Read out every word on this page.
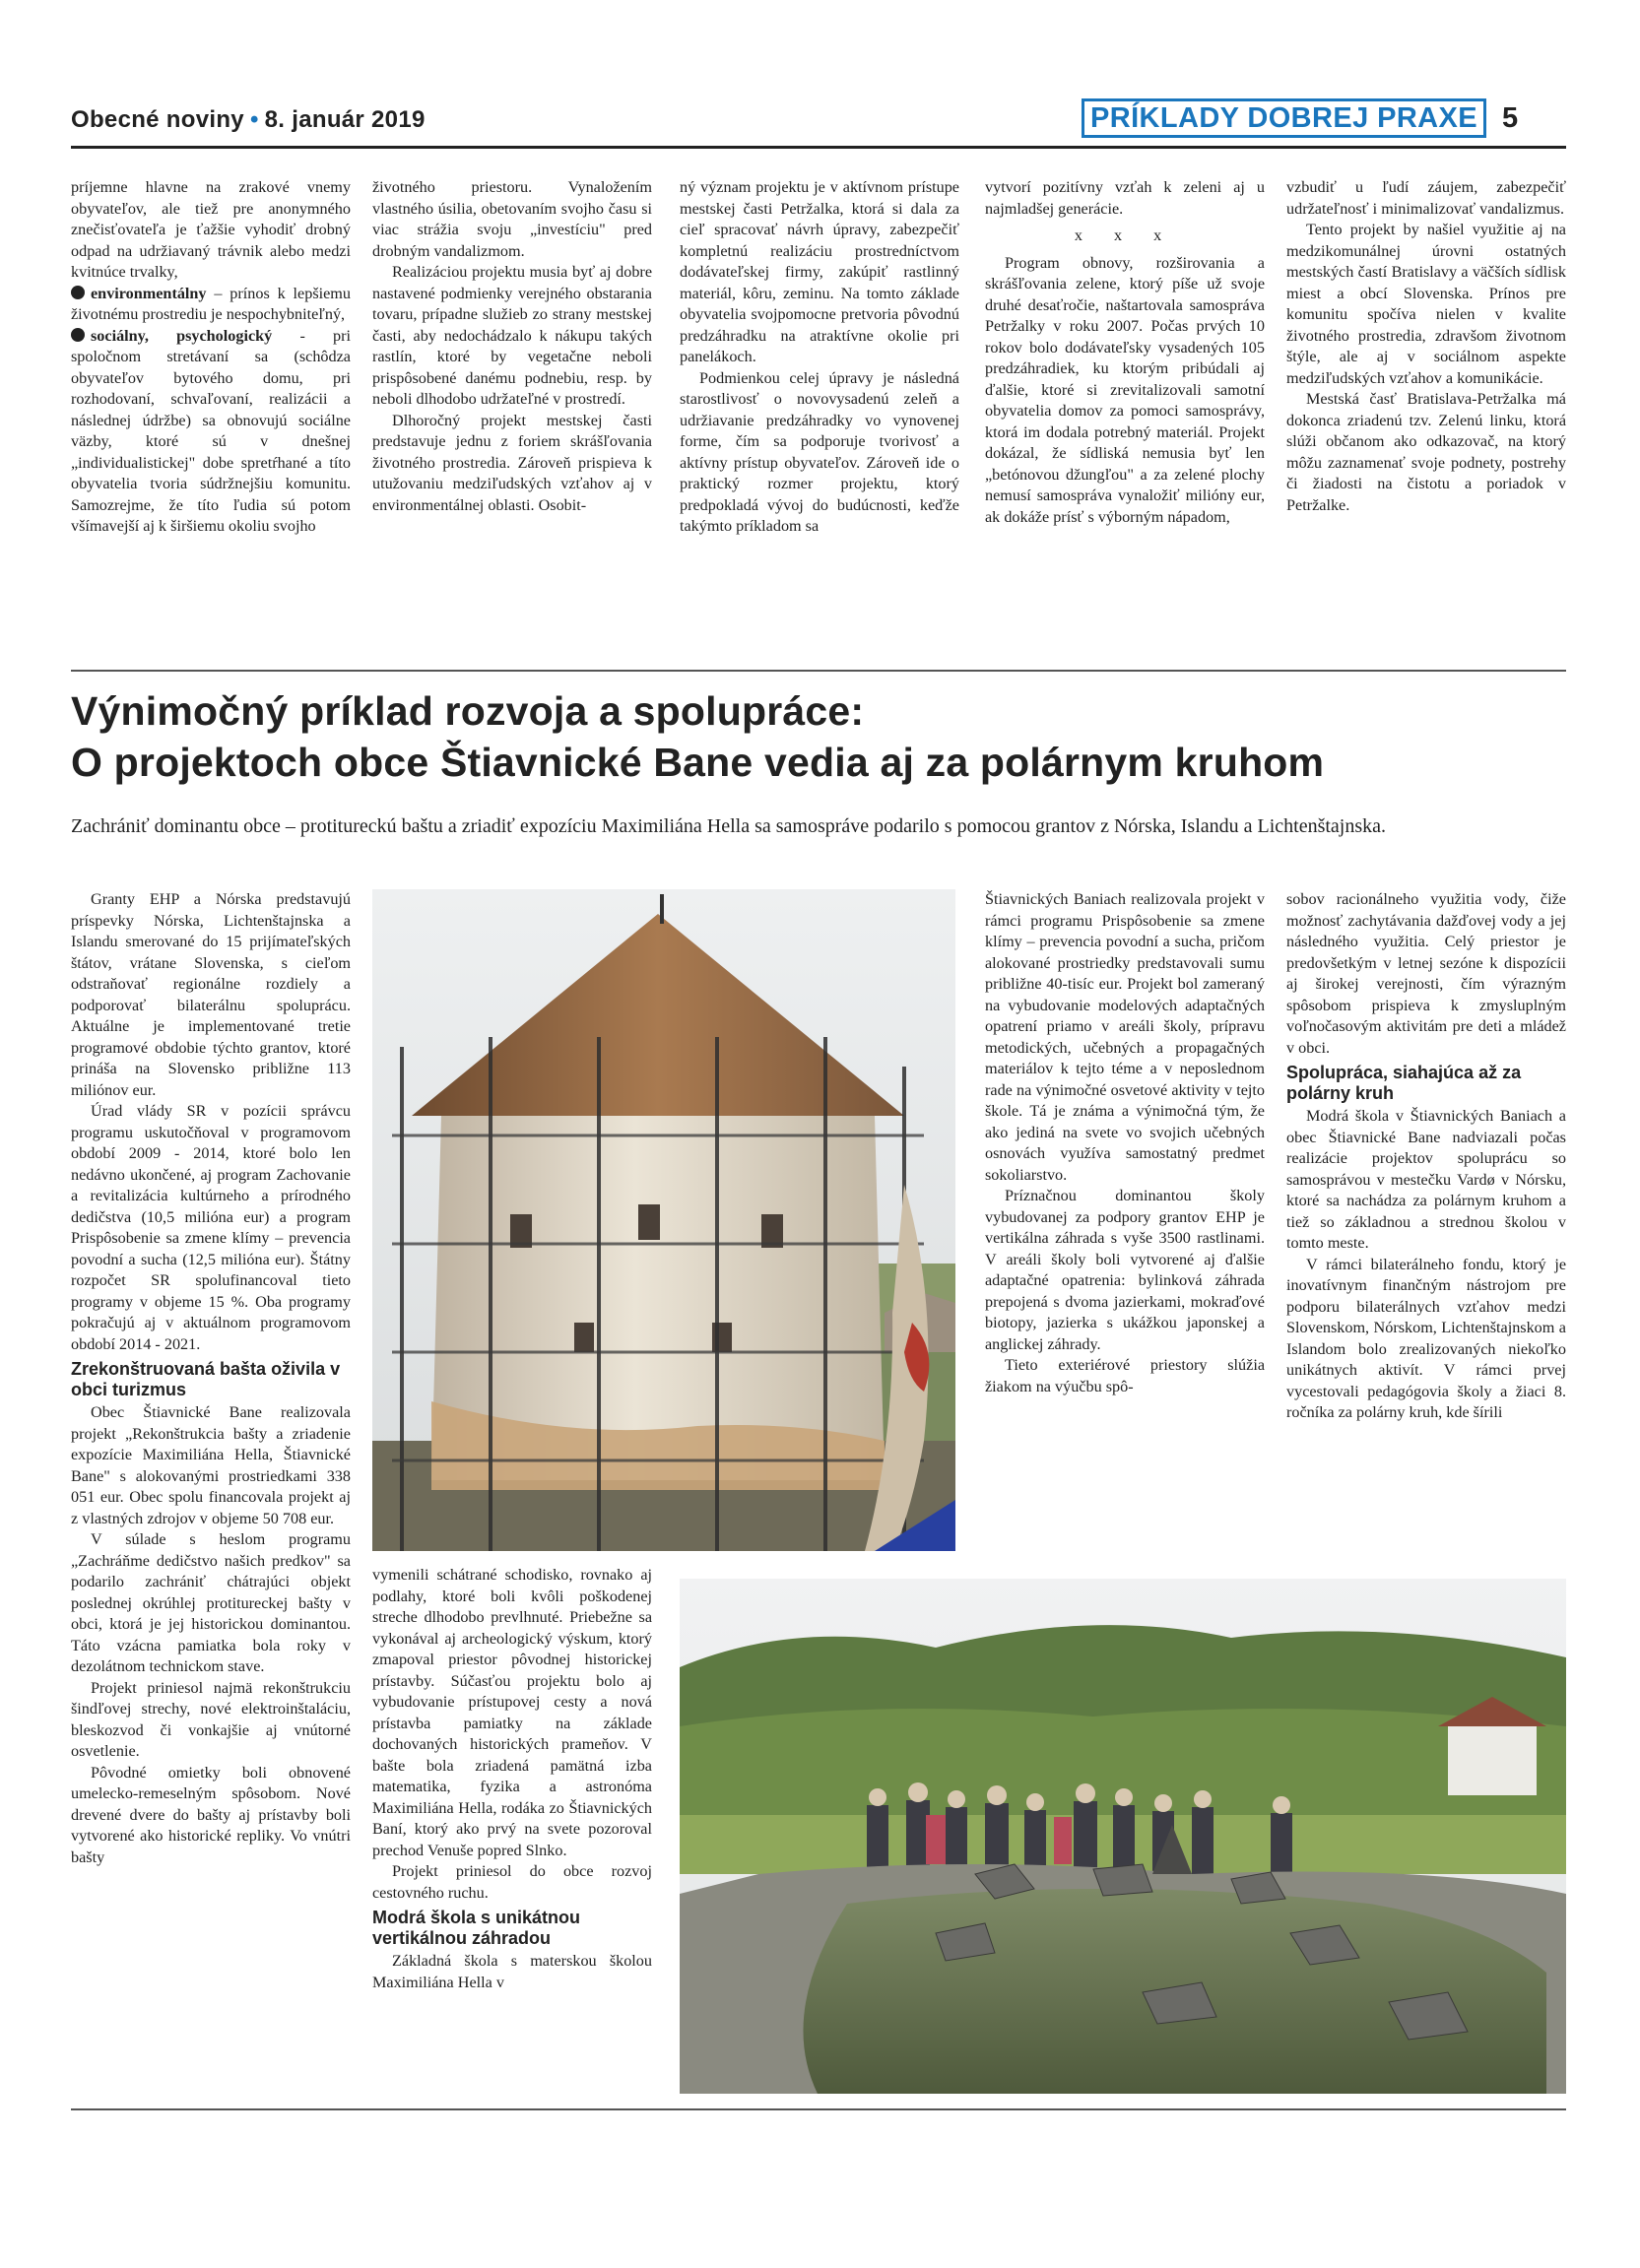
Obecné noviny • 8. január 2019	PRÍKLADY DOBREJ PRAXE 5

príjemne hlavne na zrakové vnemy obyvateľov, ale tiež pre anonymného znečisťovateľa je ťažšie vyhodiť drobný odpad na udržiavaný trávnik alebo medzi kvitnúce trvalky,

environmentálny – prínos k lepšiemu životnému prostrediu je nespochybniteľný,

sociálny, psychologický - pri spoločnom stretávaní sa (schôdza obyvateľov bytového domu, pri rozhodovaní, schvaľovaní, realizácii a následnej údržbe) sa obnovujú sociálne väzby, ktoré sú v dnešnej „individualistickej" dobe spretŕhané a títo obyvatelia tvoria súdržnejšiu komunitu. Samozrejme, že títo ľudia sú potom všímavejší aj k širšiemu okoliu svojho

životného priestoru. Vynaložením vlastného úsilia, obetovaním svojho času si viac strážia svoju „investíciu" pred drobným vandalizmom.

Realizáciou projektu musia byť aj dobre nastavené podmienky verejného obstarania tovaru, prípadne služieb zo strany mestskej časti, aby nedochádzalo k nákupu takých rastlín, ktoré by vegetačne neboli prispôsobené danému podnebiu, resp. by neboli dlhodobo udržateľné v prostredí.

Dlhoročný projekt mestskej časti predstavuje jednu z foriem skrášľovania životného prostredia. Zároveň prispieva k utužovaniu medziľudských vzťahov aj v environmentálnej oblasti. Osobit-

ný význam projektu je v aktívnom prístupe mestskej časti Petržalka, ktorá si dala za cieľ spracovať návrh úpravy, zabezpečiť kompletnú realizáciu prostredníctvom dodávateľskej firmy, zakúpiť rastlinný materiál, kôru, zeminu. Na tomto základe obyvatelia svojpomocne pretvoria pôvodnú predzáhradku na atraktívne okolie pri panelákoch.

Podmienkou celej úpravy je následná starostlivosť o novovysadenú zeleň a udržiavanie predzáhradky vo vynovenej forme, čím sa podporuje tvorivosť a aktívny prístup obyvateľov. Zároveň ide o praktický rozmer projektu, ktorý predpokladá vývoj do budúcnosti, keďže takýmto príkladom sa

vytvorí pozitívny vzťah k zeleni aj u najmladšej generácie.

x x x

Program obnovy, rozširovania a skrášľovania zelene, ktorý píše už svoje druhé desaťročie, naštartovala samospráva Petržalky v roku 2007. Počas prvých 10 rokov bolo dodávateľsky vysadených 105 predzáhradiek, ku ktorým pribúdali aj ďalšie, ktoré si zrevitalizovali samotní obyvatelia domov za pomoci samosprávy, ktorá im dodala potrebný materiál. Projekt dokázal, že sídliská nemusia byť len „betónovou džungľou" a za zelené plochy nemusí samospráva vynaložiť milióny eur, ak dokáže prísť s výborným nápadom,

vzbudiť u ľudí záujem, zabezpečiť udržateľnosť i minimalizovať vandalizmus.

Tento projekt by našiel využitie aj na medzikomunálnej úrovni ostatných mestských častí Bratislavy a väčších sídlisk miest a obcí Slovenska. Prínos pre komunitu spočíva nielen v kvalite životného prostredia, zdravšom životnom štýle, ale aj v sociálnom aspekte medziľudských vzťahov a komunikácie.

Mestská časť Bratislava-Petržalka má dokonca zriadenú tzv. Zelenú linku, ktorá slúži občanom ako odkazovač, na ktorý môžu zaznamenať svoje podnety, postrehy či žiadosti na čistotu a poriadok v Petržalke.

Výnimočný príklad rozvoja a spolupráce:
O projektoch obce Štiavnické Bane vedia aj za polárnym kruhom
Zachrániť dominantu obce – protitureckú baštu a zriadiť expozíciu Maximiliána Hella sa samospráve podarilo s pomocou grantov z Nórska, Islandu a Lichtenštajnska.

Granty EHP a Nórska predstavujú príspevky Nórska, Lichtenštajnska a Islandu smerované do 15 prijímateľských štátov, vrátane Slovenska, s cieľom odstraňovať regionálne rozdiely a podporovať bilaterálnu spoluprácu. Aktuálne je implementované tretie programové obdobie týchto grantov, ktoré prináša na Slovensko približne 113 miliónov eur.

Úrad vlády SR v pozícii správcu programu uskutočňoval v programovom období 2009 - 2014, ktoré bolo len nedávno ukončené, aj program Zachovanie a revitalizácia kultúrneho a prírodného dedičstva (10,5 milióna eur) a program Prispôsobenie sa zmene klímy – prevencia povodní a sucha (12,5 milióna eur). Štátny rozpočet SR spolufinancoval tieto programy v objeme 15 %. Oba programy pokračujú aj v aktuálnom programovom období 2014 - 2021.

Zrekonštruovaná bašta oživila v obci turizmus

Obec Štiavnické Bane realizovala projekt „Rekonštrukcia bašty a zriadenie expozície Maximiliána Hella, Štiavnické Bane" s alokovanými prostriedkami 338 051 eur. Obec spolu financovala projekt aj z vlastných zdrojov v objeme 50 708 eur.

V súlade s heslom programu „Zachráňme dedičstvo našich predkov" sa podarilo zachrániť chátrajúci objekt poslednej okrúhlej protitureckej bašty v obci, ktorá je jej historickou dominantou. Táto vzácna pamiatka bola roky v dezolátnom technickom stave.

Projekt priniesol najmä rekonštrukciu šindľovej strechy, nové elektroinštaláciu, bleskozvod či vonkajšie aj vnútorné osvetlenie.

Pôvodné omietky boli obnovené umelecko-remeselným spôsobom. Nové drevené dvere do bašty aj prístavby boli vytvorené ako historické repliky. Vo vnútri bašty

vymenili schátrané schodisko, rovnako aj podlahy, ktoré boli kvôli poškodenej streche dlhodobo prevlhnuté. Priebežne sa vykonával aj archeologický výskum, ktorý zmapoval priestor pôvodnej historickej prístavby. Súčasťou projektu bolo aj vybudovanie prístupovej cesty a nová prístavba pamiatky na základe dochovaných historických prameňov. V bašte bola zriadená pamätná izba matematika, fyzika a astronóma Maximiliána Hella, rodáka zo Štiavnických Baní, ktorý ako prvý na svete pozoroval prechod Venuše popred Slnko.

Projekt priniesol do obce rozvoj cestovného ruchu.

Modrá škola s unikátnou vertikálnou záhradou

Základná škola s materskou školou Maximiliána Hella v

Štiavnických Baniach realizovala projekt v rámci programu Prispôsobenie sa zmene klímy – prevencia povodní a sucha, pričom alokované prostriedky predstavovali sumu približne 40-tisíc eur. Projekt bol zameraný na vybudovanie modelových adaptačných opatrení priamo v areáli školy, prípravu metodických, učebných a propagačných materiálov k tejto téme a v neposlednom rade na výnimočné osvetové aktivity v tejto škole. Tá je známa a výnimočná tým, že ako jediná na svete vo svojich učebných osnovách využíva samostatný predmet sokoliarstvo.

Príznačnou dominantou školy vybudovanej za podpory grantov EHP je vertikálna záhrada s vyše 3500 rastlinami. V areáli školy boli vytvorené aj ďalšie adaptačné opatrenia: bylinková záhrada prepojená s dvoma jazierkami, mokraďové biotopy, jazierka s ukážkou japonskej a anglickej záhrady.

Tieto exteriérové priestory slúžia žiakom na výučbu spô-

sobov racionálneho využitia vody, čiže možnosť zachytávania dažďovej vody a jej následného využitia. Celý priestor je predovšetkým v letnej sezóne k dispozícii aj širokej verejnosti, čím výrazným spôsobom prispieva k zmysluplným voľnočasovým aktivitám pre deti a mládež v obci.

Spolupráca, siahajúca až za polárny kruh

Modrá škola v Štiavnických Baniach a obec Štiavnické Bane nadviazali počas realizácie projektov spoluprácu so samosprávou v mestečku Vardø v Nórsku, ktoré sa nachádza za polárnym kruhom a tiež so základnou a strednou školou v tomto meste.

V rámci bilaterálneho fondu, ktorý je inovatívnym finančným nástrojom pre podporu bilaterálnych vzťahov medzi Slovenskom, Nórskom, Lichtenštajnskom a Islandom bolo zrealizovaných niekoľko unikátnych aktivít. V rámci prvej vycestovali pedagógovia školy a žiaci 8. ročníka za polárny kruh, kde šírili
